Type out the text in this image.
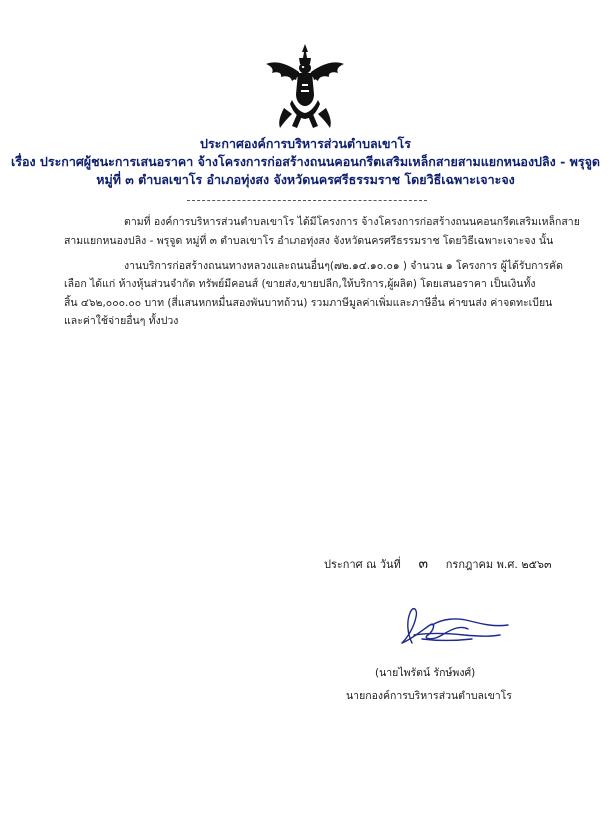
ประกาศองค์การบริหารส่วนตำบลเขาโร
เรื่อง ประกาศผู้ชนะการเสนอราคา จ้างโครงการก่อสร้างถนนคอนกรีตเสริมเหล็กสายสามแยกหนองปลิง - พรุจูด
หมู่ที่ ๓ ตำบลเขาโร อำเภอทุ่งสง จังหวัดนครศรีธรรมราช โดยวิธีเฉพาะเจาะจง
ตามที่ องค์การบริหารส่วนตำบลเขาโร ได้มีโครงการ จ้างโครงการก่อสร้างถนนคอนกรีตเสริมเหล็กสาย
สามแยกหนองปลิง - พรุจูด หมู่ที่ ๓ ตำบลเขาโร อำเภอทุ่งสง จังหวัดนครศรีธรรมราช โดยวิธีเฉพาะเจาะจง นั้น
งานบริการก่อสร้างถนนทางหลวงและถนนอื่นๆ(๗๒.๑๔.๑๐.๐๑ ) จำนวน ๑ โครงการ ผู้ได้รับการคัด
เลือก ได้แก่ ห้างหุ้นส่วนจำกัด ทรัพย์มีคอนส์ (ขายส่ง,ขายปลีก,ให้บริการ,ผู้ผลิต) โดยเสนอราคา เป็นเงินทั้ง
สิ้น ๔๖๒,๐๐๐.๐๐ บาท (สี่แสนหกหมื่นสองพันบาทถ้วน) รวมภาษีมูลค่าเพิ่มและภาษีอื่น ค่าขนส่ง ค่าจดทะเบียน
และค่าใช้จ่ายอื่นๆ ทั้งปวง
ประกาศ ณ วันที่ ๓ กรกฎาคม พ.ศ. ๒๕๖๓
(นายไพรัตน์ รักษ์พงศ์)
นายกองค์การบริหารส่วนตำบลเขาโร
